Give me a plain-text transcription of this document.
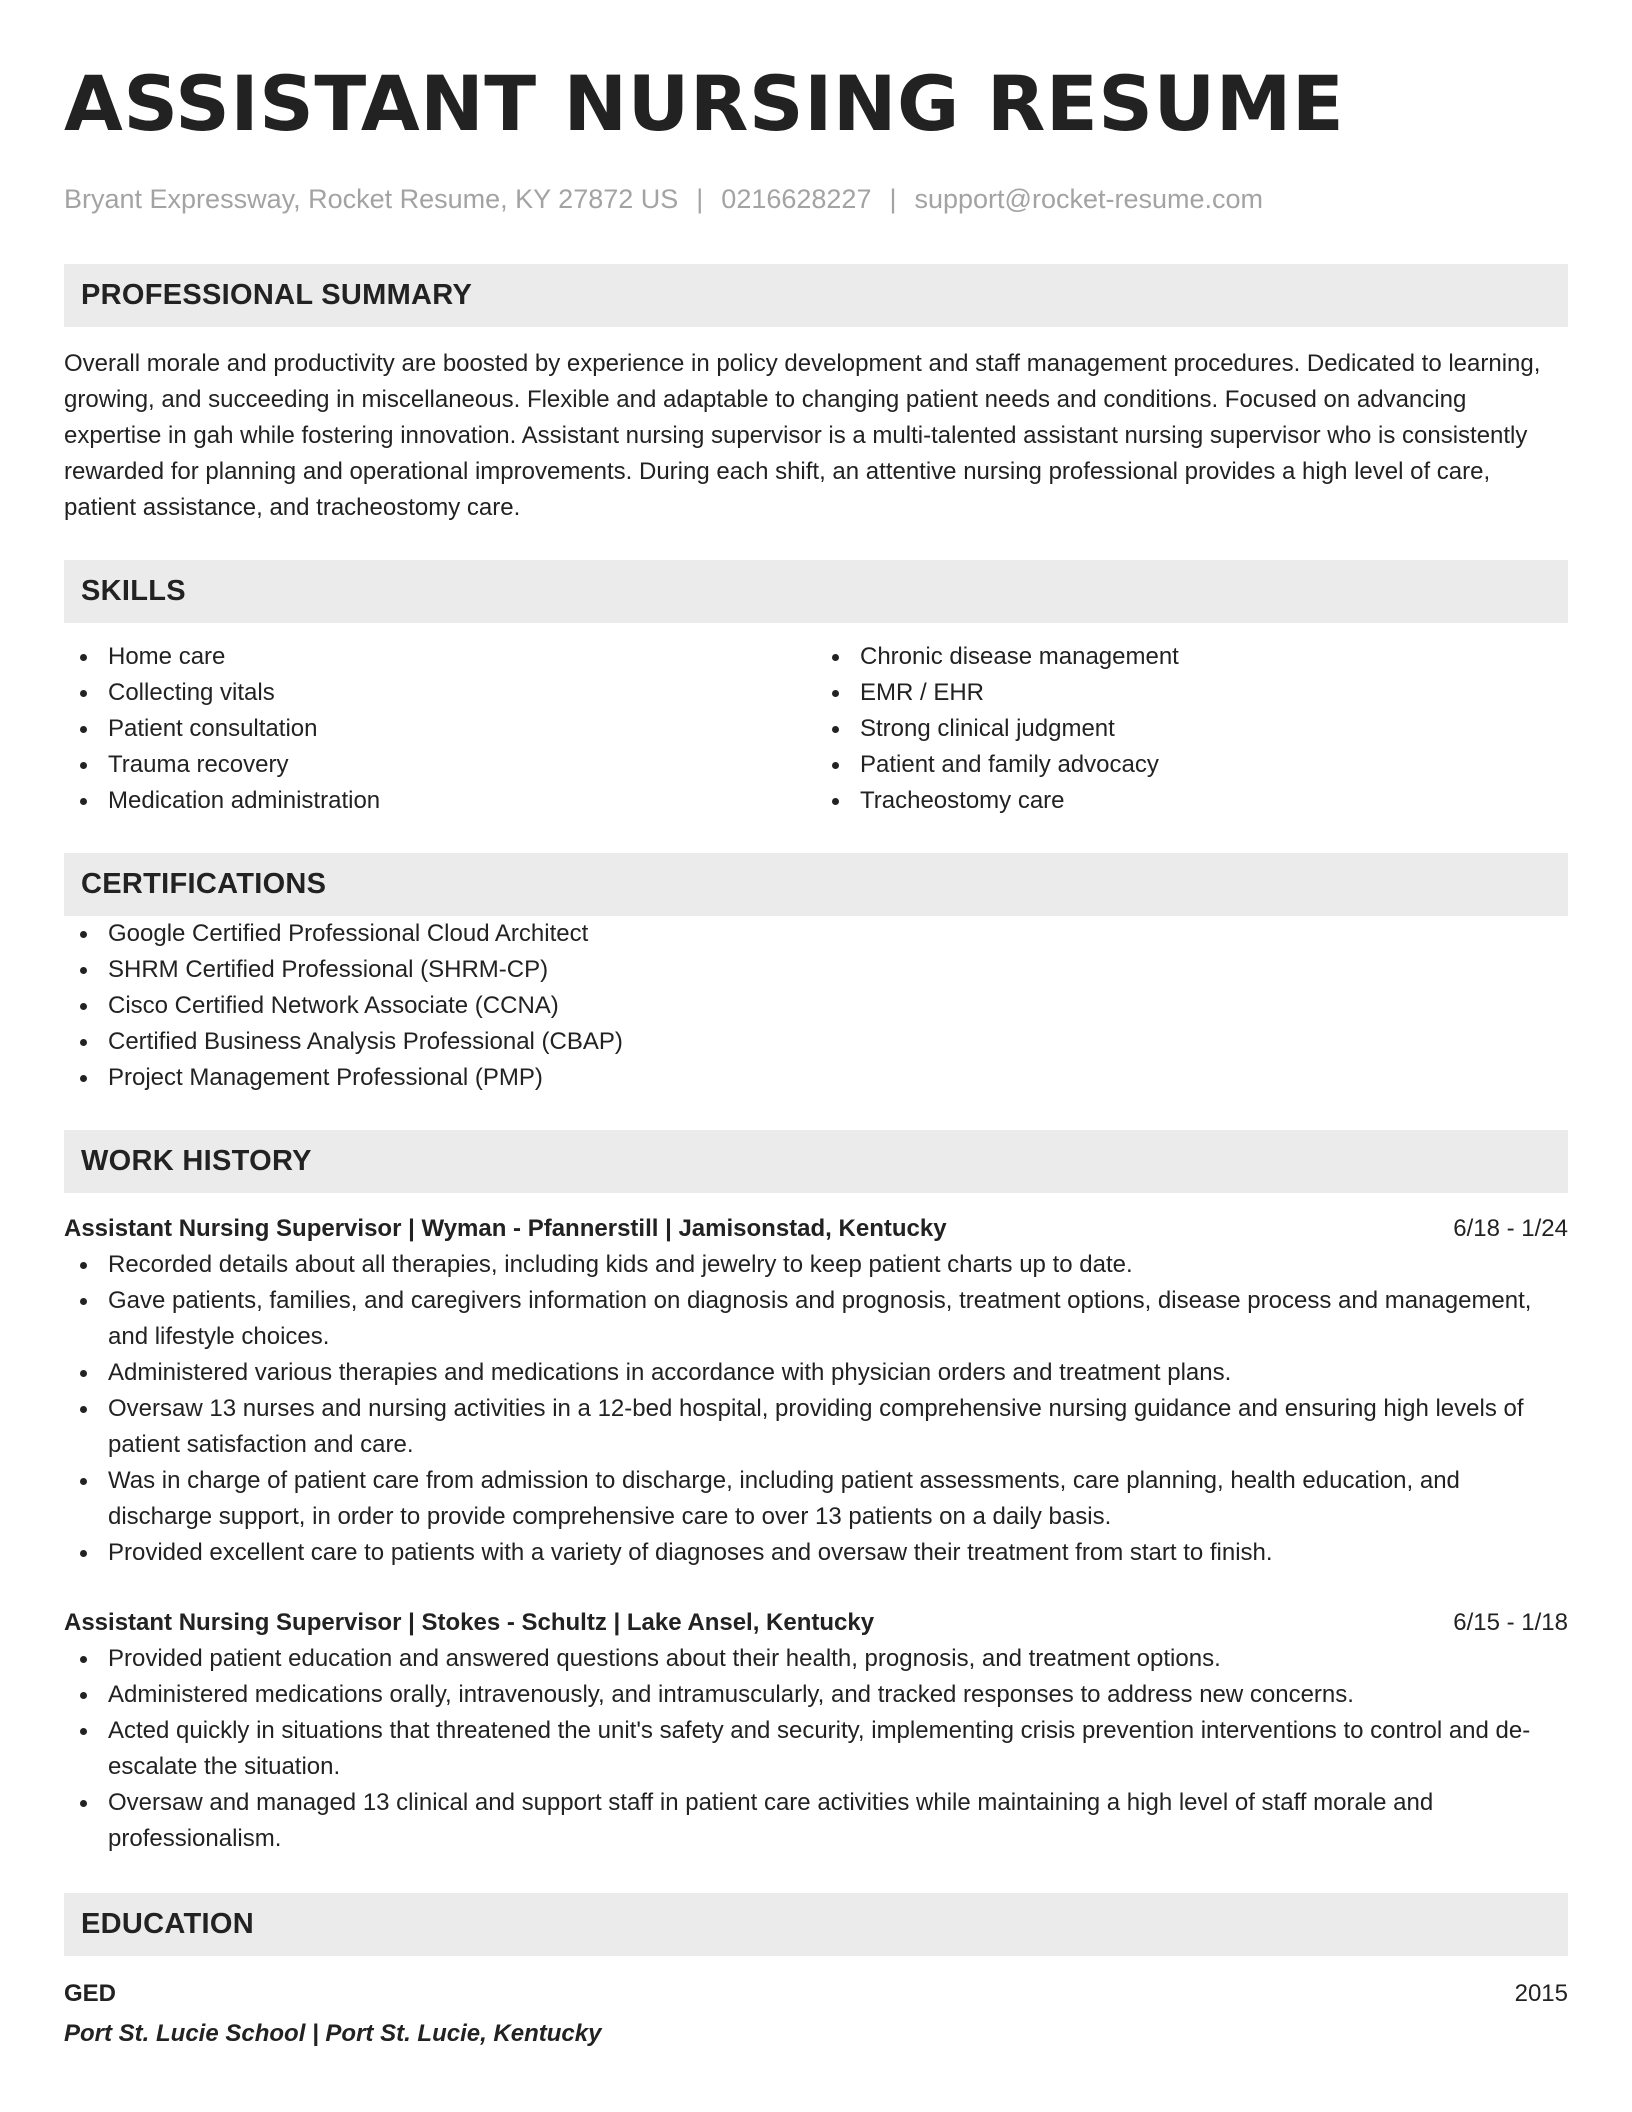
ASSISTANT NURSING RESUME
Bryant Expressway, Rocket Resume, KY 27872 US | 0216628227 | support@rocket-resume.com
PROFESSIONAL SUMMARY

Overall morale and productivity are boosted by experience in policy development and staff management procedures. Dedicated to learning, growing, and succeeding in miscellaneous. Flexible and adaptable to changing patient needs and conditions. Focused on advancing expertise in gah while fostering innovation. Assistant nursing supervisor is a multi-talented assistant nursing supervisor who is consistently rewarded for planning and operational improvements. During each shift, an attentive nursing professional provides a high level of care, patient assistance, and tracheostomy care.

SKILLS
Home care
Collecting vitals
Patient consultation
Trauma recovery
Medication administration
Chronic disease management
EMR / EHR
Strong clinical judgment
Patient and family advocacy
Tracheostomy care
CERTIFICATIONS
Google Certified Professional Cloud Architect
SHRM Certified Professional (SHRM-CP)
Cisco Certified Network Associate (CCNA)
Certified Business Analysis Professional (CBAP)
Project Management Professional (PMP)
WORK HISTORY
Assistant Nursing Supervisor | Wyman - Pfannerstill | Jamisonstad, Kentucky	6/18 - 1/24
Recorded details about all therapies, including kids and jewelry to keep patient charts up to date.
Gave patients, families, and caregivers information on diagnosis and prognosis, treatment options, disease process and management, and lifestyle choices.
Administered various therapies and medications in accordance with physician orders and treatment plans.
Oversaw 13 nurses and nursing activities in a 12-bed hospital, providing comprehensive nursing guidance and ensuring high levels of patient satisfaction and care.
Was in charge of patient care from admission to discharge, including patient assessments, care planning, health education, and discharge support, in order to provide comprehensive care to over 13 patients on a daily basis.
Provided excellent care to patients with a variety of diagnoses and oversaw their treatment from start to finish.
Assistant Nursing Supervisor | Stokes - Schultz | Lake Ansel, Kentucky	6/15 - 1/18
Provided patient education and answered questions about their health, prognosis, and treatment options.
Administered medications orally, intravenously, and intramuscularly, and tracked responses to address new concerns.
Acted quickly in situations that threatened the unit's safety and security, implementing crisis prevention interventions to control and de-escalate the situation.
Oversaw and managed 13 clinical and support staff in patient care activities while maintaining a high level of staff morale and professionalism.
EDUCATION
GED	2015
Port St. Lucie School | Port St. Lucie, Kentucky
